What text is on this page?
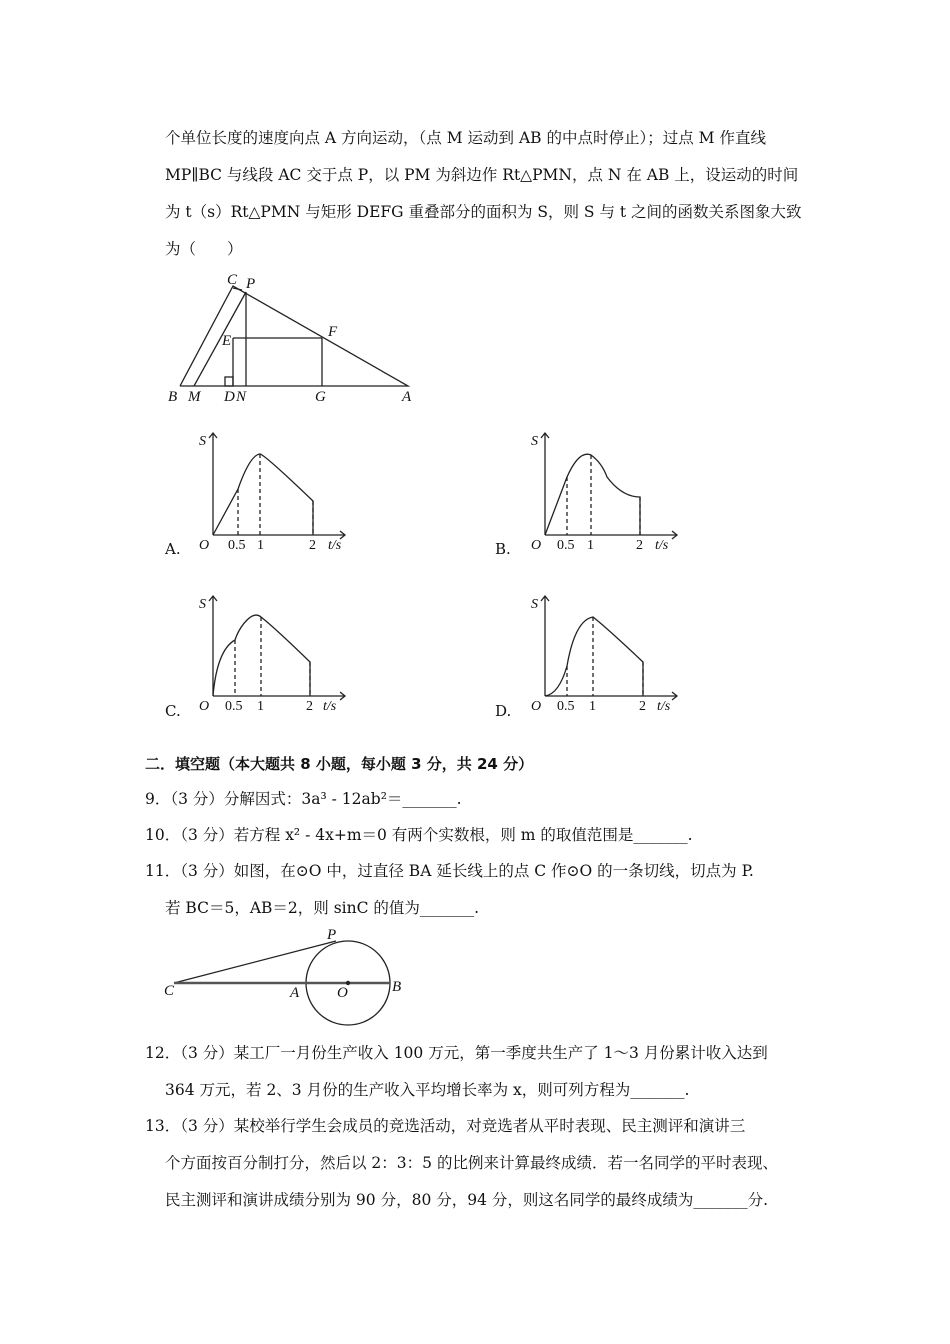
个单位长度的速度向点 A 方向运动，（点 M 运动到 AB 的中点时停止）；过点 M 作直线
MP∥BC 与线段 AC 交于点 P，以 PM 为斜边作 Rt△PMN，点 N 在 AB 上，设运动的时间
为 t（s）Rt△PMN 与矩形 DEFG 重叠部分的面积为 S，则 S 与 t 之间的函数关系图象大致
为（　　）
C P
E
F
B M D N	G	A
A.
S
O 0.5 1	2 t/s	B.
S
O 0.5 1	2 t/s
C.
S
O 0.5 1	2 t/s	D.
S
O 0.5 1	2 t/s
二．填空题（本大题共 8 小题，每小题 3 分，共 24 分）
9．（3 分）分解因式：3a³ - 12ab²＝_______.
10．（3 分）若方程 x² - 4x+m＝0 有两个实数根，则 m 的取值范围是_______.
11．（3 分）如图，在⊙O 中，过直径 BA 延长线上的点 C 作⊙O 的一条切线，切点为 P.
若 BC＝5，AB＝2，则 sinC 的值为_______.
P
C	A	O	B
12．（3 分）某工厂一月份生产收入 100 万元，第一季度共生产了 1～3 月份累计收入达到
364 万元，若 2、3 月份的生产收入平均增长率为 x，则可列方程为_______.
13．（3 分）某校举行学生会成员的竞选活动，对竞选者从平时表现、民主测评和演讲三
个方面按百分制打分，然后以 2：3：5 的比例来计算最终成绩．若一名同学的平时表现、
民主测评和演讲成绩分别为 90 分，80 分，94 分，则这名同学的最终成绩为_______分.
